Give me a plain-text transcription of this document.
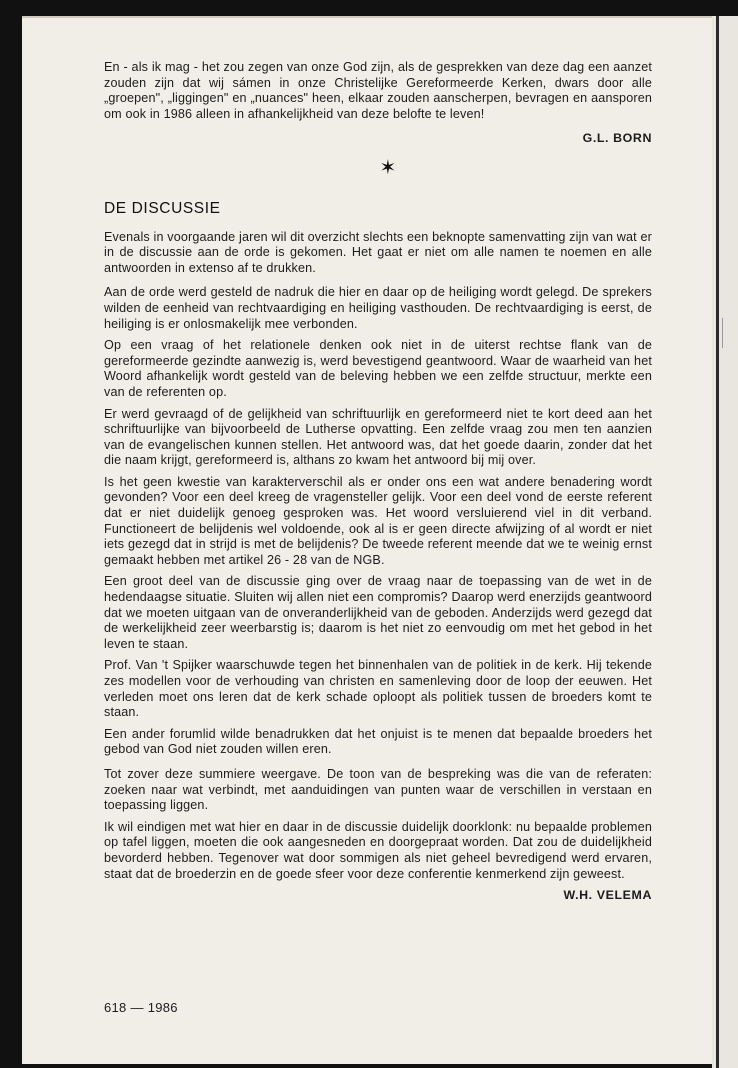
En - als ik mag - het zou zegen van onze God zijn, als de gesprekken van deze dag een aanzet zouden zijn dat wij sámen in onze Christelijke Gereformeerde Kerken, dwars door alle „groepen", „liggingen" en „nuances" heen, elkaar zouden aanscherpen, bevragen en aansporen om ook in 1986 alleen in afhankelijkheid van deze belofte te leven!

G.L. BORN
✶
DE DISCUSSIE

Evenals in voorgaande jaren wil dit overzicht slechts een beknopte samenvatting zijn van wat er in de discussie aan de orde is gekomen. Het gaat er niet om alle namen te noemen en alle antwoorden in extenso af te drukken.

Aan de orde werd gesteld de nadruk die hier en daar op de heiliging wordt gelegd. De sprekers wilden de eenheid van rechtvaardiging en heiliging vasthouden. De rechtvaardiging is eerst, de heiliging is er onlosmakelijk mee verbonden.

Op een vraag of het relationele denken ook niet in de uiterst rechtse flank van de gereformeerde gezindte aanwezig is, werd bevestigend geantwoord. Waar de waarheid van het Woord afhankelijk wordt gesteld van de beleving hebben we een zelfde structuur, merkte een van de referenten op.

Er werd gevraagd of de gelijkheid van schriftuurlijk en gereformeerd niet te kort deed aan het schriftuurlijke van bijvoorbeeld de Lutherse opvatting. Een zelfde vraag zou men ten aanzien van de evangelischen kunnen stellen. Het antwoord was, dat het goede daarin, zonder dat het die naam krijgt, gereformeerd is, althans zo kwam het antwoord bij mij over.

Is het geen kwestie van karakterverschil als er onder ons een wat andere benadering wordt gevonden? Voor een deel kreeg de vragensteller gelijk. Voor een deel vond de eerste referent dat er niet duidelijk genoeg gesproken was. Het woord versluierend viel in dit verband. Functioneert de belijdenis wel voldoende, ook al is er geen directe afwijzing of al wordt er niet iets gezegd dat in strijd is met de belijdenis? De tweede referent meende dat we te weinig ernst gemaakt hebben met artikel 26 - 28 van de NGB.

Een groot deel van de discussie ging over de vraag naar de toepassing van de wet in de hedendaagse situatie. Sluiten wij allen niet een compromis? Daarop werd enerzijds geantwoord dat we moeten uitgaan van de onveranderlijkheid van de geboden. Anderzijds werd gezegd dat de werkelijkheid zeer weerbarstig is; daarom is het niet zo eenvoudig om met het gebod in het leven te staan.

Prof. Van 't Spijker waarschuwde tegen het binnenhalen van de politiek in de kerk. Hij tekende zes modellen voor de verhouding van christen en samenleving door de loop der eeuwen. Het verleden moet ons leren dat de kerk schade oploopt als politiek tussen de broeders komt te staan.

Een ander forumlid wilde benadrukken dat het onjuist is te menen dat bepaalde broeders het gebod van God niet zouden willen eren.

Tot zover deze summiere weergave. De toon van de bespreking was die van de referaten: zoeken naar wat verbindt, met aanduidingen van punten waar de verschillen in verstaan en toepassing liggen.

Ik wil eindigen met wat hier en daar in de discussie duidelijk doorklonk: nu bepaalde problemen op tafel liggen, moeten die ook aangesneden en doorgepraat worden. Dat zou de duidelijkheid bevorderd hebben. Tegenover wat door sommigen als niet geheel bevredigend werd ervaren, staat dat de broederzin en de goede sfeer voor deze conferentie kenmerkend zijn geweest.

W.H. VELEMA
618 — 1986
